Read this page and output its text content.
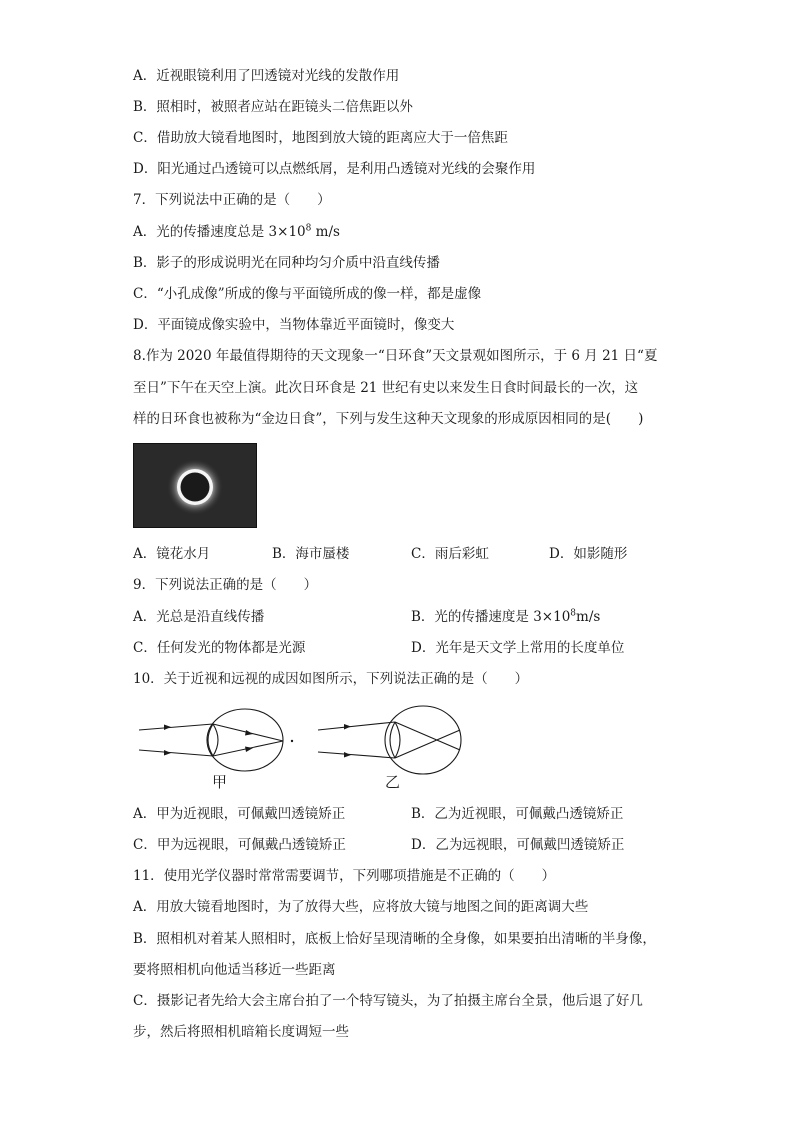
A．近视眼镜利用了凹透镜对光线的发散作用
B．照相时，被照者应站在距镜头二倍焦距以外
C．借助放大镜看地图时，地图到放大镜的距离应大于一倍焦距
D．阳光通过凸透镜可以点燃纸屑，是利用凸透镜对光线的会聚作用
7．下列说法中正确的是（　　）
A．光的传播速度总是 $3\times 10^8$ m/s
B．影子的形成说明光在同种均匀介质中沿直线传播
C．“小孔成像”所成的像与平面镜所成的像一样，都是虚像
D．平面镜成像实验中，当物体靠近平面镜时，像变大
8.作为 2020 年最值得期待的天文现象一“日环食”天文景观如图所示，于 6 月 21 日“夏
至日”下午在天空上演。此次日环食是 21 世纪有史以来发生日食时间最长的一次，这
样的日环食也被称为“金边日食”，下列与发生这种天文现象的形成原因相同的是(　　)
A．镜花水月	B．海市蜃楼	C．雨后彩虹	D．如影随形
9．下列说法正确的是（　　）
A．光总是沿直线传播	B．光的传播速度是 $3\times 10^8m/s$
C．任何发光的物体都是光源	D．光年是天文学上常用的长度单位
10．关于近视和远视的成因如图所示，下列说法正确的是（　　）
甲	乙
A．甲为近视眼，可佩戴凹透镜矫正	B．乙为近视眼，可佩戴凸透镜矫正
C．甲为远视眼，可佩戴凸透镜矫正	D．乙为远视眼，可佩戴凹透镜矫正
11．使用光学仪器时常常需要调节，下列哪项措施是不正确的（　　）
A．用放大镜看地图时，为了放得大些，应将放大镜与地图之间的距离调大些
B．照相机对着某人照相时，底板上恰好呈现清晰的全身像，如果要拍出清晰的半身像，
要将照相机向他适当移近一些距离
C．摄影记者先给大会主席台拍了一个特写镜头，为了拍摄主席台全景，他后退了好几
步，然后将照相机暗箱长度调短一些
